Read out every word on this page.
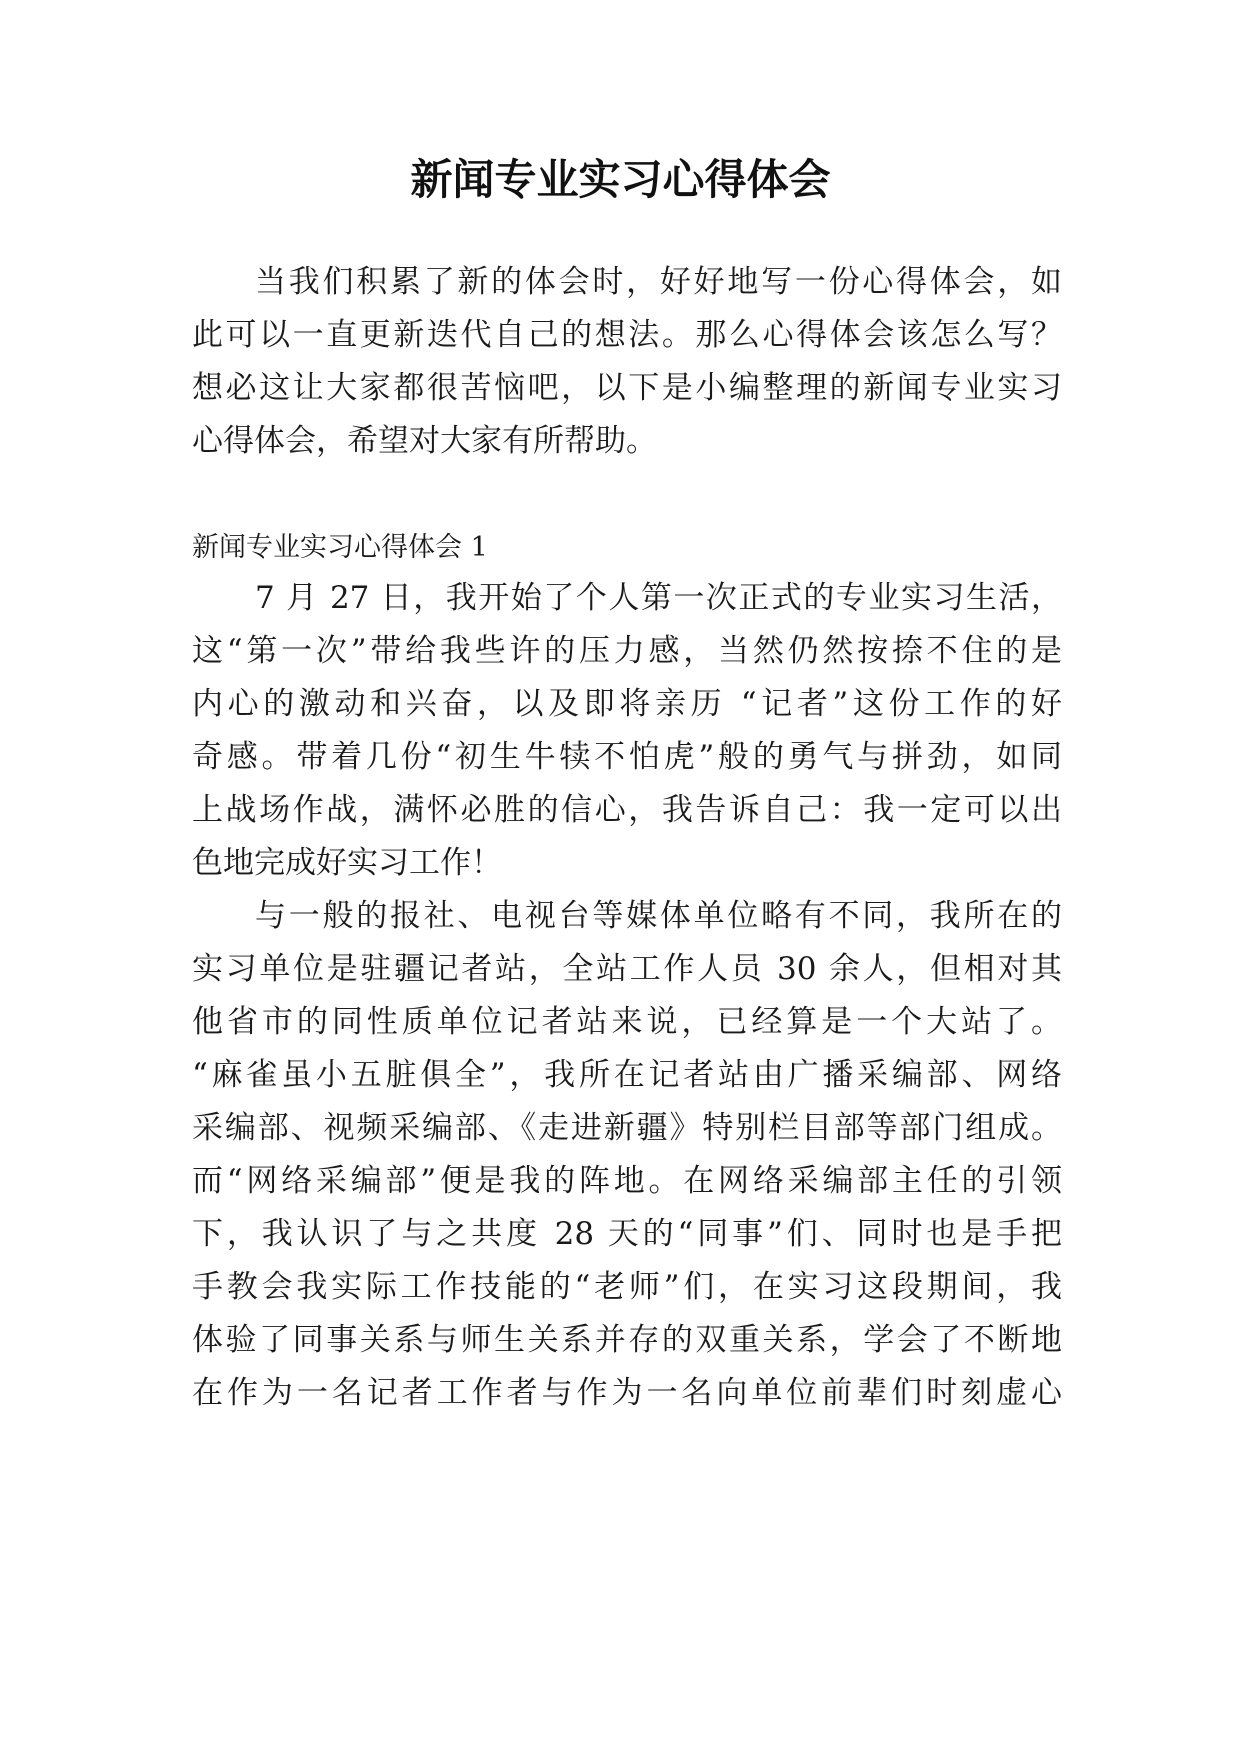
新闻专业实习心得体会
当我们积累了新的体会时，好好地写一份心得体会，如
此可以一直更新迭代自己的想法。那么心得体会该怎么写？
想必这让大家都很苦恼吧，以下是小编整理的新闻专业实习
心得体会，希望对大家有所帮助。
新闻专业实习心得体会 1
7 月 27 日，我开始了个人第一次正式的专业实习生活，
这“第一次”带给我些许的压力感，当然仍然按捺不住的是
内心的激动和兴奋，以及即将亲历 “记者”这份工作的好
奇感。带着几份“初生牛犊不怕虎”般的勇气与拼劲，如同
上战场作战，满怀必胜的信心，我告诉自己：我一定可以出
色地完成好实习工作！
与一般的报社、电视台等媒体单位略有不同，我所在的
实习单位是驻疆记者站，全站工作人员 30 余人，但相对其
他省市的同性质单位记者站来说，已经算是一个大站了。
“麻雀虽小五脏俱全”，我所在记者站由广播采编部、网络
采编部、视频采编部、《走进新疆》特别栏目部等部门组成。
而“网络采编部”便是我的阵地。在网络采编部主任的引领
下，我认识了与之共度 28 天的“同事”们、同时也是手把
手教会我实际工作技能的“老师”们，在实习这段期间，我
体验了同事关系与师生关系并存的双重关系，学会了不断地
在作为一名记者工作者与作为一名向单位前辈们时刻虚心
